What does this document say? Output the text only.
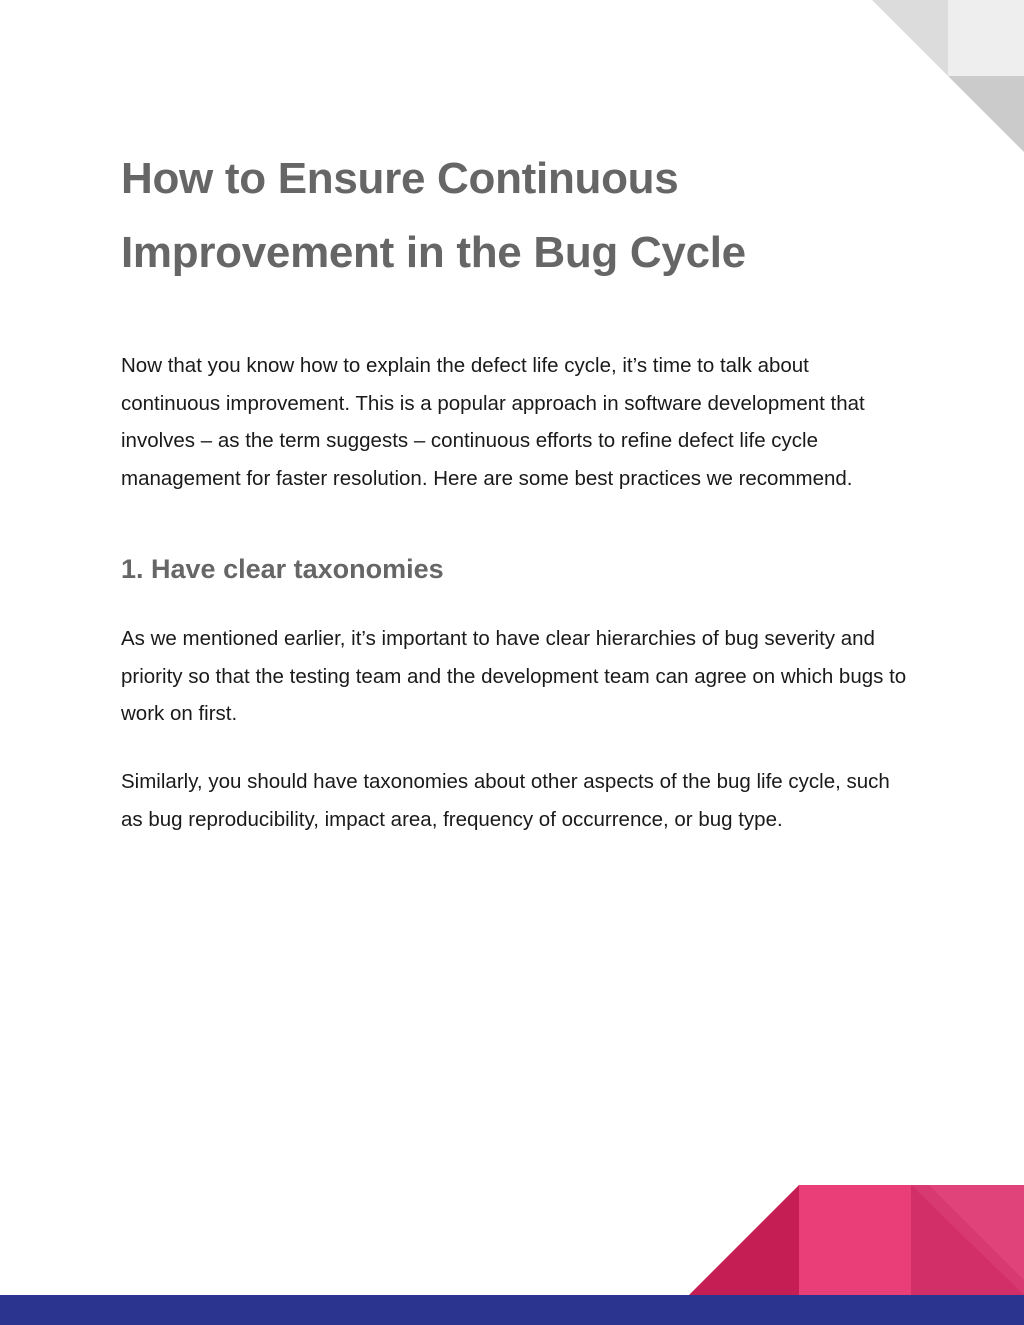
How to Ensure Continuous Improvement in the Bug Cycle

Now that you know how to explain the defect life cycle, it’s time to talk about continuous improvement. This is a popular approach in software development that involves – as the term suggests – continuous efforts to refine defect life cycle management for faster resolution. Here are some best practices we recommend.

1. Have clear taxonomies

As we mentioned earlier, it’s important to have clear hierarchies of bug severity and priority so that the testing team and the development team can agree on which bugs to work on first.

Similarly, you should have taxonomies about other aspects of the bug life cycle, such as bug reproducibility, impact area, frequency of occurrence, or bug type.
